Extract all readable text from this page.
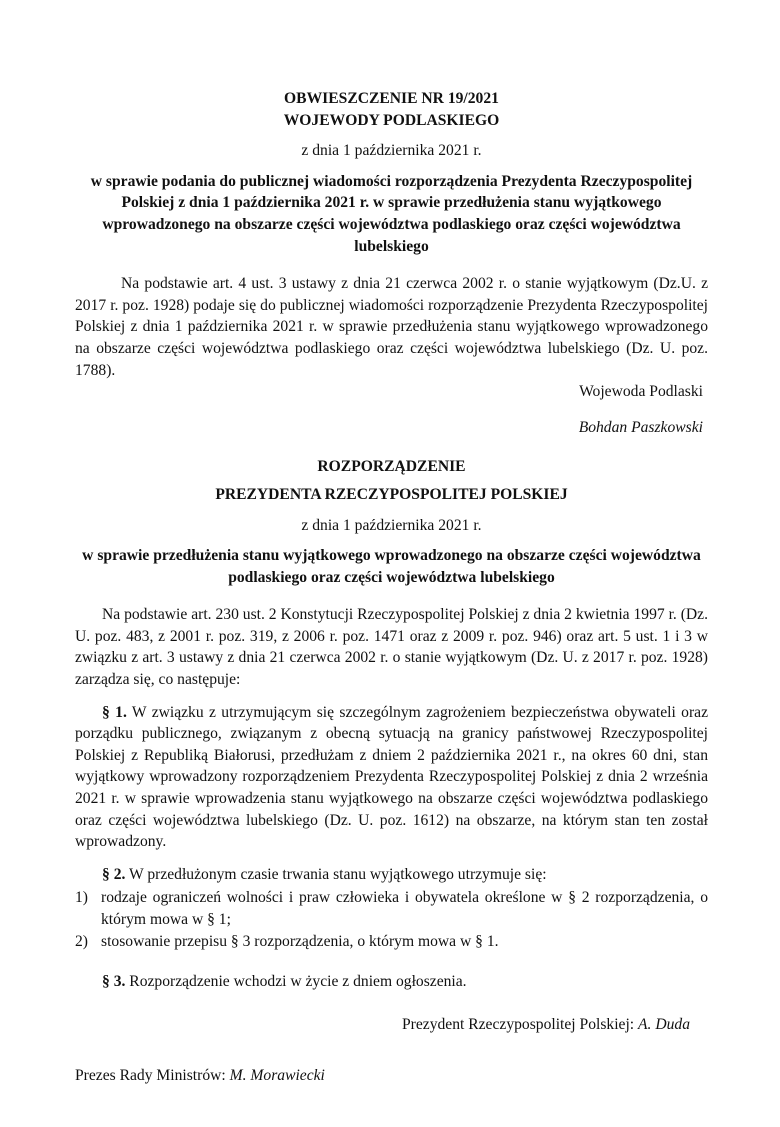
OBWIESZCZENIE NR 19/2021

WOJEWODY PODLASKIEGO

z dnia 1 października 2021 r.

w sprawie podania do publicznej wiadomości rozporządzenia Prezydenta Rzeczypospolitej Polskiej z dnia 1 października 2021 r. w sprawie przedłużenia stanu wyjątkowego wprowadzonego na obszarze części województwa podlaskiego oraz części województwa lubelskiego

Na podstawie art. 4 ust. 3 ustawy z dnia 21 czerwca 2002 r. o stanie wyjątkowym (Dz.U. z 2017 r. poz. 1928) podaje się do publicznej wiadomości rozporządzenie Prezydenta Rzeczypospolitej Polskiej z dnia 1 października 2021 r. w sprawie przedłużenia stanu wyjątkowego wprowadzonego na obszarze części województwa podlaskiego oraz części województwa lubelskiego (Dz. U. poz. 1788).

Wojewoda Podlaski

Bohdan Paszkowski

ROZPORZĄDZENIE

PREZYDENTA RZECZYPOSPOLITEJ POLSKIEJ

z dnia 1 października 2021 r.

w sprawie przedłużenia stanu wyjątkowego wprowadzonego na obszarze części województwa podlaskiego oraz części województwa lubelskiego

Na podstawie art. 230 ust. 2 Konstytucji Rzeczypospolitej Polskiej z dnia 2 kwietnia 1997 r. (Dz. U. poz. 483, z 2001 r. poz. 319, z 2006 r. poz. 1471 oraz z 2009 r. poz. 946) oraz art. 5 ust. 1 i 3 w związku z art. 3 ustawy z dnia 21 czerwca 2002 r. o stanie wyjątkowym (Dz. U. z 2017 r. poz. 1928) zarządza się, co następuje:

§ 1. W związku z utrzymującym się szczególnym zagrożeniem bezpieczeństwa obywateli oraz porządku publicznego, związanym z obecną sytuacją na granicy państwowej Rzeczypospolitej Polskiej z Republiką Białorusi, przedłużam z dniem 2 października 2021 r., na okres 60 dni, stan wyjątkowy wprowadzony rozporządzeniem Prezydenta Rzeczypospolitej Polskiej z dnia 2 września 2021 r. w sprawie wprowadzenia stanu wyjątkowego na obszarze części województwa podlaskiego oraz części województwa lubelskiego (Dz. U. poz. 1612) na obszarze, na którym stan ten został wprowadzony.

§ 2. W przedłużonym czasie trwania stanu wyjątkowego utrzymuje się:

1) rodzaje ograniczeń wolności i praw człowieka i obywatela określone w § 2 rozporządzenia, o którym mowa w § 1;
2) stosowanie przepisu § 3 rozporządzenia, o którym mowa w § 1.

§ 3. Rozporządzenie wchodzi w życie z dniem ogłoszenia.

Prezydent Rzeczypospolitej Polskiej: A. Duda

Prezes Rady Ministrów: M. Morawiecki
